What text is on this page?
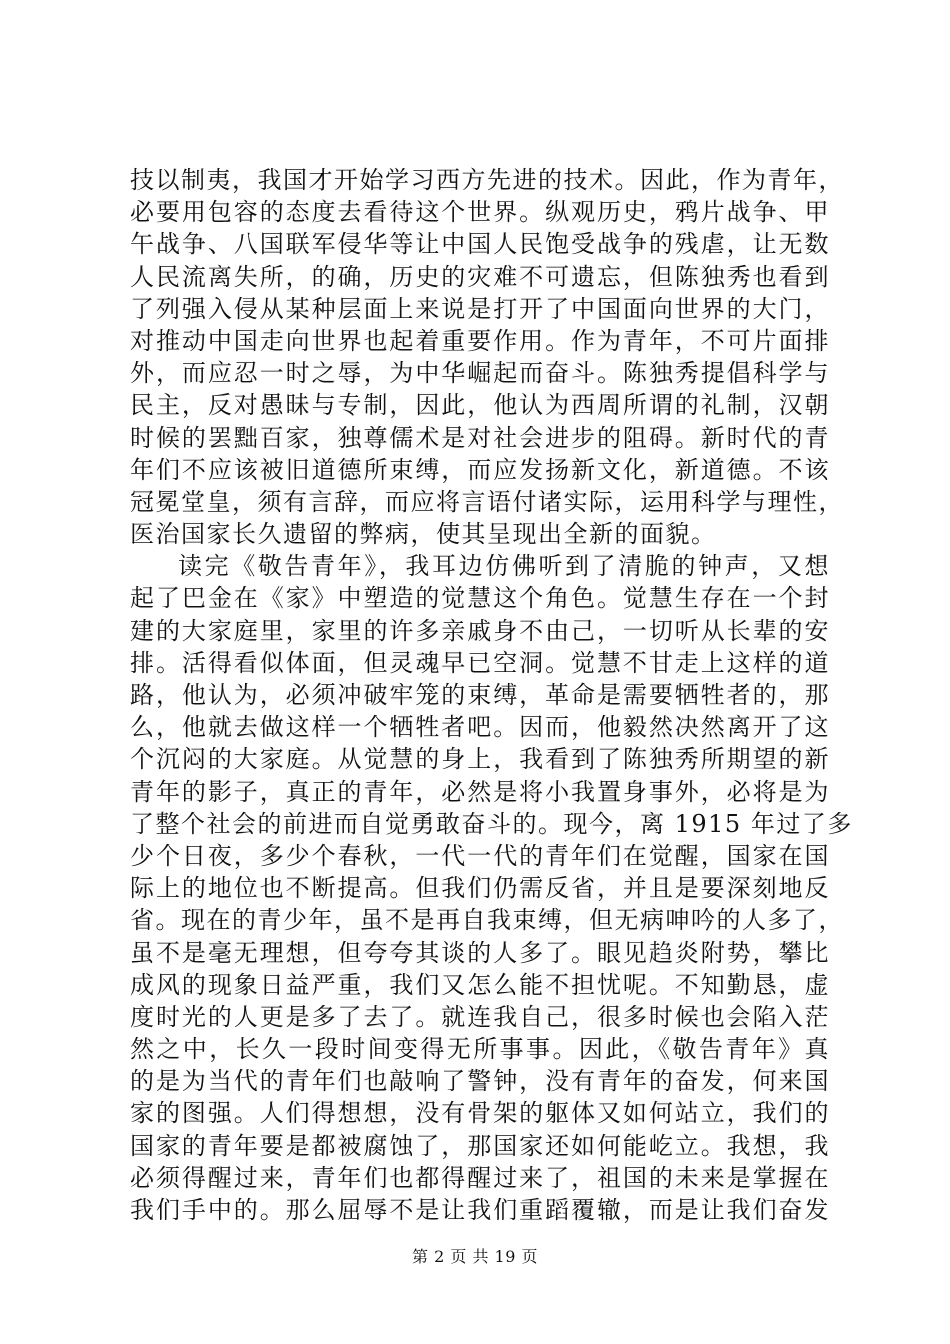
技以制夷，我国才开始学习西方先进的技术。因此，作为青年，
必要用包容的态度去看待这个世界。纵观历史，鸦片战争、甲
午战争、八国联军侵华等让中国人民饱受战争的残虐，让无数
人民流离失所，的确，历史的灾难不可遗忘，但陈独秀也看到
了列强入侵从某种层面上来说是打开了中国面向世界的大门，
对推动中国走向世界也起着重要作用。作为青年，不可片面排
外，而应忍一时之辱，为中华崛起而奋斗。陈独秀提倡科学与
民主，反对愚昧与专制，因此，他认为西周所谓的礼制，汉朝
时候的罢黜百家，独尊儒术是对社会进步的阻碍。新时代的青
年们不应该被旧道德所束缚，而应发扬新文化，新道德。不该
冠冕堂皇，须有言辞，而应将言语付诸实际，运用科学与理性，
医治国家长久遗留的弊病，使其呈现出全新的面貌。
读完《敬告青年》，我耳边仿佛听到了清脆的钟声，又想
起了巴金在《家》中塑造的觉慧这个角色。觉慧生存在一个封
建的大家庭里，家里的许多亲戚身不由己，一切听从长辈的安
排。活得看似体面，但灵魂早已空洞。觉慧不甘走上这样的道
路，他认为，必须冲破牢笼的束缚，革命是需要牺牲者的，那
么，他就去做这样一个牺牲者吧。因而，他毅然决然离开了这
个沉闷的大家庭。从觉慧的身上，我看到了陈独秀所期望的新
青年的影子，真正的青年，必然是将小我置身事外，必将是为
了整个社会的前进而自觉勇敢奋斗的。现今，离 1915 年过了多
少个日夜，多少个春秋，一代一代的青年们在觉醒，国家在国
际上的地位也不断提高。但我们仍需反省，并且是要深刻地反
省。现在的青少年，虽不是再自我束缚，但无病呻吟的人多了，
虽不是毫无理想，但夸夸其谈的人多了。眼见趋炎附势，攀比
成风的现象日益严重，我们又怎么能不担忧呢。不知勤恳，虚
度时光的人更是多了去了。就连我自己，很多时候也会陷入茫
然之中，长久一段时间变得无所事事。因此，《敬告青年》真
的是为当代的青年们也敲响了警钟，没有青年的奋发，何来国
家的图强。人们得想想，没有骨架的躯体又如何站立，我们的
国家的青年要是都被腐蚀了，那国家还如何能屹立。我想，我
必须得醒过来，青年们也都得醒过来了，祖国的未来是掌握在
我们手中的。那么屈辱不是让我们重蹈覆辙，而是让我们奋发
第 2 页 共 19 页
